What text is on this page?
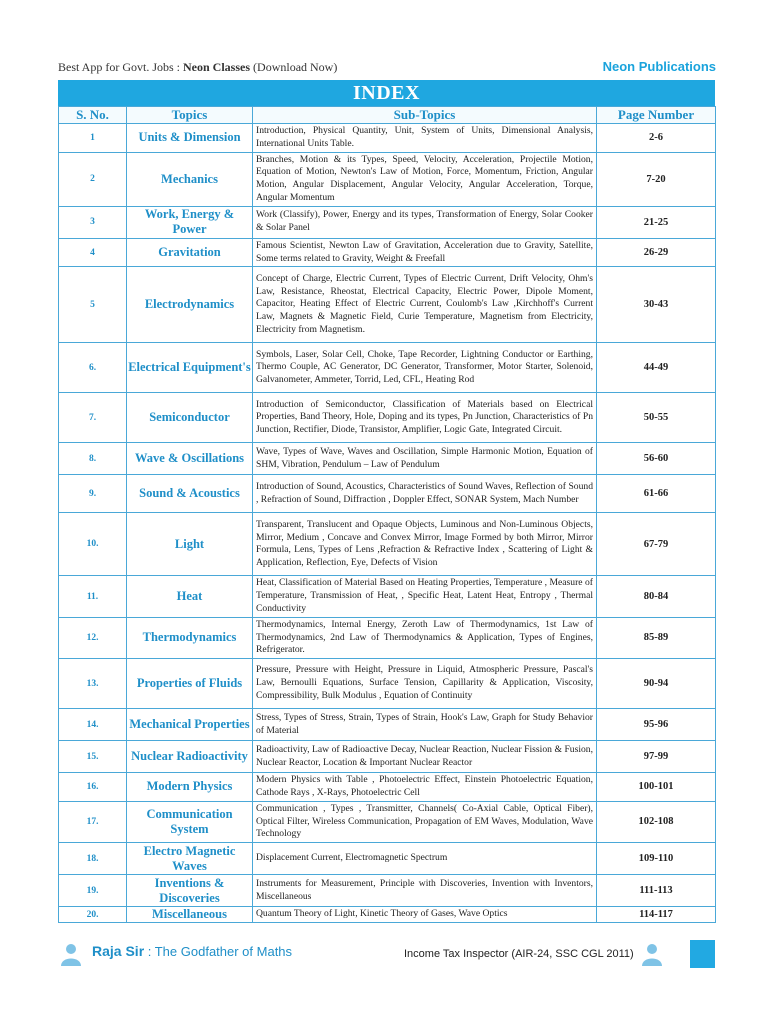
Best App for Govt. Jobs : Neon Classes (Download Now)	Neon Publications
INDEX
S. No.	Topics	Sub-Topics	Page Number
1	Units & Dimension	Introduction, Physical Quantity, Unit, System of Units, Dimensional Analysis, International Units Table.	2-6
2	Mechanics	Branches, Motion & its Types, Speed, Velocity, Acceleration, Projectile Motion, Equation of Motion, Newton's Law of Motion, Force, Momentum, Friction, Angular Motion, Angular Displacement, Angular Velocity, Angular Acceleration, Torque, Angular Momentum	7-20
3	Work, Energy & Power	Work (Classify), Power, Energy and its types, Transformation of Energy, Solar Cooker & Solar Panel	21-25
4	Gravitation	Famous Scientist, Newton Law of Gravitation, Acceleration due to Gravity, Satellite, Some terms related to Gravity, Weight & Freefall	26-29
5	Electrodynamics	Concept of Charge, Electric Current, Types of Electric Current, Drift Velocity, Ohm's Law, Resistance, Rheostat, Electrical Capacity, Electric Power, Dipole Moment, Capacitor, Heating Effect of Electric Current, Coulomb's Law ,Kirchhoff's Current Law, Magnets & Magnetic Field, Curie Temperature, Magnetism from Electricity, Electricity from Magnetism.	30-43
6.	Electrical Equipment's	Symbols, Laser, Solar Cell, Choke, Tape Recorder, Lightning Conductor or Earthing, Thermo Couple, AC Generator, DC Generator, Transformer, Motor Starter, Solenoid, Galvanometer, Ammeter, Torrid, Led, CFL, Heating Rod	44-49
7.	Semiconductor	Introduction of Semiconductor, Classification of Materials based on Electrical Properties, Band Theory, Hole, Doping and its types, Pn Junction, Characteristics of Pn Junction, Rectifier, Diode, Transistor, Amplifier, Logic Gate, Integrated Circuit.	50-55
8.	Wave & Oscillations	Wave, Types of Wave, Waves and Oscillation, Simple Harmonic Motion, Equation of SHM, Vibration, Pendulum – Law of Pendulum	56-60
9.	Sound & Acoustics	Introduction of Sound, Acoustics, Characteristics of Sound Waves, Reflection of Sound , Refraction of Sound, Diffraction , Doppler Effect, SONAR System, Mach Number	61-66
10.	Light	Transparent, Translucent and Opaque Objects, Luminous and Non-Luminous Objects, Mirror, Medium , Concave and Convex Mirror, Image Formed by both Mirror, Mirror Formula, Lens, Types of Lens ,Refraction & Refractive Index , Scattering of Light & Application, Reflection, Eye, Defects of Vision	67-79
11.	Heat	Heat, Classification of Material Based on Heating Properties, Temperature , Measure of Temperature, Transmission of Heat, , Specific Heat, Latent Heat, Entropy , Thermal Conductivity	80-84
12.	Thermodynamics	Thermodynamics, Internal Energy, Zeroth Law of Thermodynamics, 1st Law of Thermodynamics, 2nd Law of Thermodynamics & Application, Types of Engines, Refrigerator.	85-89
13.	Properties of Fluids	Pressure, Pressure with Height, Pressure in Liquid, Atmospheric Pressure, Pascal's Law, Bernoulli Equations, Surface Tension, Capillarity & Application, Viscosity, Compressibility, Bulk Modulus , Equation of Continuity	90-94
14.	Mechanical Properties	Stress, Types of Stress, Strain, Types of Strain, Hook's Law, Graph for Study Behavior of Material	95-96
15.	Nuclear Radioactivity	Radioactivity, Law of Radioactive Decay, Nuclear Reaction, Nuclear Fission & Fusion, Nuclear Reactor, Location & Important Nuclear Reactor	97-99
16.	Modern Physics	Modern Physics with Table , Photoelectric Effect, Einstein Photoelectric Equation, Cathode Rays , X-Rays, Photoelectric Cell	100-101
17.	Communication System	Communication , Types , Transmitter, Channels( Co-Axial Cable, Optical Fiber), Optical Filter, Wireless Communication, Propagation of EM Waves, Modulation, Wave Technology	102-108
18.	Electro Magnetic Waves	Displacement Current, Electromagnetic Spectrum	109-110
19.	Inventions & Discoveries	Instruments for Measurement, Principle with Discoveries, Invention with Inventors, Miscellaneous	111-113
20.	Miscellaneous	Quantum Theory of Light, Kinetic Theory of Gases, Wave Optics	114-117
Raja Sir : The Godfather of Maths	Income Tax Inspector (AIR-24, SSC CGL 2011)
